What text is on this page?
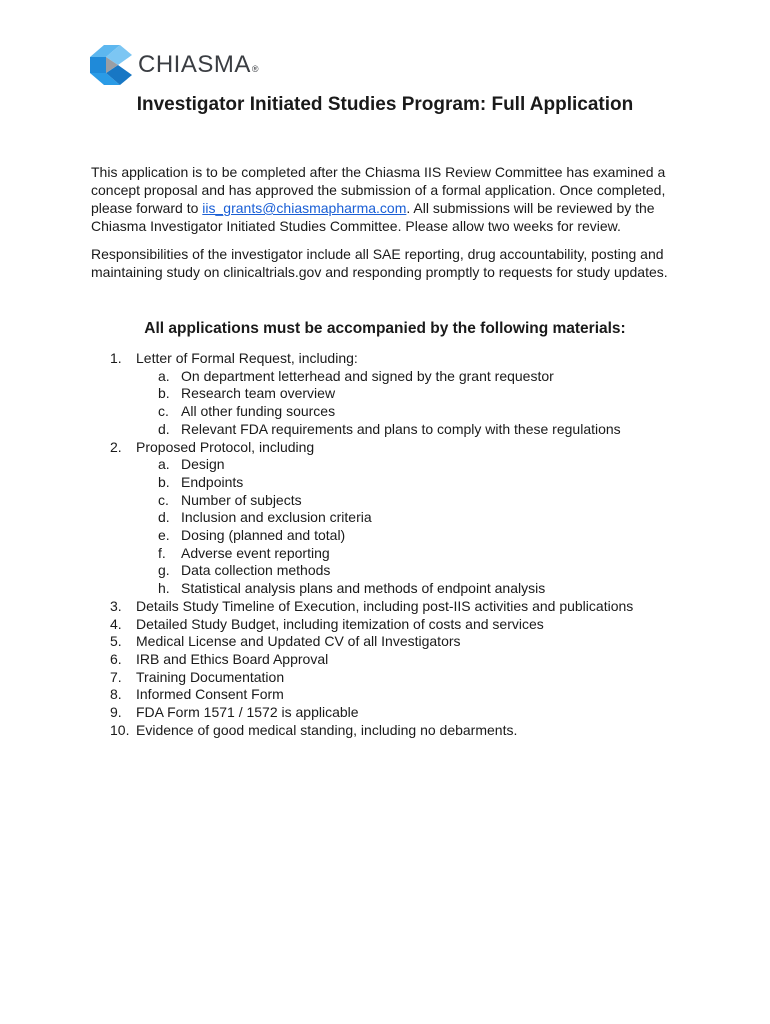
CHIASMA ®
Investigator Initiated Studies Program: Full Application

This application is to be completed after the Chiasma IIS Review Committee has examined a concept proposal and has approved the submission of a formal application. Once completed, please forward to iis_grants@chiasmapharma.com. All submissions will be reviewed by the Chiasma Investigator Initiated Studies Committee. Please allow two weeks for review.

Responsibilities of the investigator include all SAE reporting, drug accountability, posting and maintaining study on clinicaltrials.gov and responding promptly to requests for study updates.

All applications must be accompanied by the following materials:
1.	Letter of Formal Request, including:
a. On department letterhead and signed by the grant requestor
b. Research team overview
c. All other funding sources
d. Relevant FDA requirements and plans to comply with these regulations
2.	Proposed Protocol, including
a. Design
b. Endpoints
c. Number of subjects
d. Inclusion and exclusion criteria
e. Dosing (planned and total)
f.	Adverse event reporting
g. Data collection methods
h. Statistical analysis plans and methods of endpoint analysis
3.	Details Study Timeline of Execution, including post-IIS activities and publications
4.	Detailed Study Budget, including itemization of costs and services
5.	Medical License and Updated CV of all Investigators
6.	IRB and Ethics Board Approval
7.	Training Documentation
8.	Informed Consent Form
9.	FDA Form 1571 / 1572 is applicable
10. Evidence of good medical standing, including no debarments.
